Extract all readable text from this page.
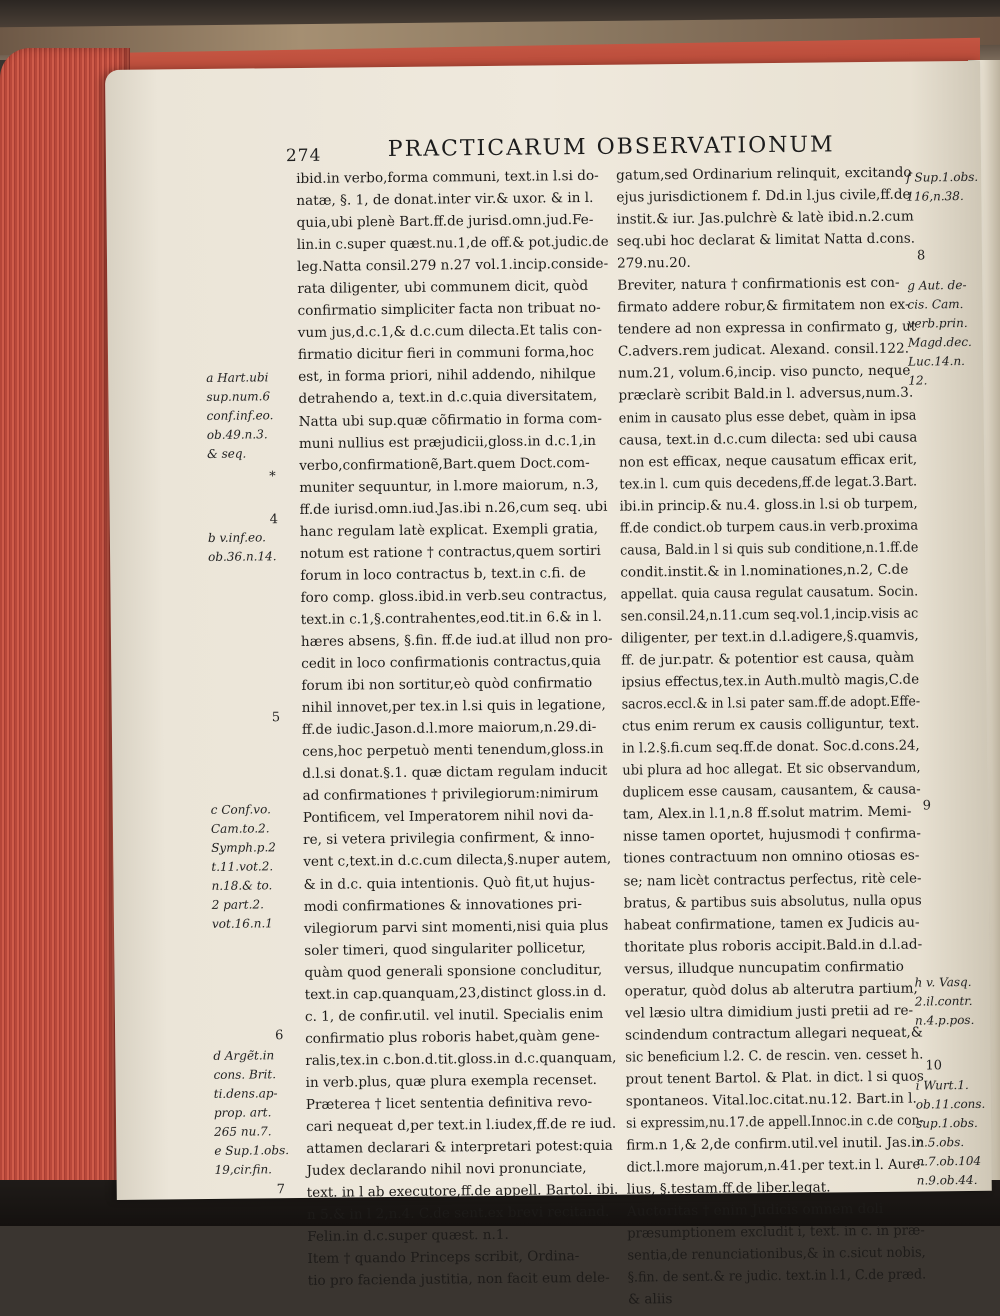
274	PRACTICARUM OBSERVATIONUM
ibid.in verbo,forma communi, text.in l.si do-
natæ, §. 1, de donat.inter vir.& uxor. & in l.
quia,ubi plenè Bart.ff.de jurisd.omn.jud.Fe-
lin.in c.super quæst.nu.1,de off.& pot.judic.de
leg.Natta consil.279 n.27 vol.1.incip.conside-
rata diligenter, ubi communem dicit, quòd
confirmatio simpliciter facta non tribuat no-
vum jus,d.c.1,& d.c.cum dilecta.Et talis con-
firmatio dicitur fieri in communi forma,hoc
est, in forma priori, nihil addendo, nihilque
detrahendo a, text.in d.c.quia diversitatem,
Natta ubi sup.quæ cõfirmatio in forma com-
muni nullius est præjudicii,gloss.in d.c.1,in
verbo,confirmationẽ,Bart.quem Doct.com-
muniter sequuntur, in l.more maiorum, n.3,
ff.de iurisd.omn.iud.Jas.ibi n.26,cum seq. ubi
hanc regulam latè explicat. Exempli gratia,
notum est ratione † contractus,quem sortiri
forum in loco contractus b, text.in c.fi. de
foro comp. gloss.ibid.in verb.seu contractus,
text.in c.1,§.contrahentes,eod.tit.in 6.& in l.
hæres absens, §.fin. ff.de iud.at illud non pro-
cedit in loco confirmationis contractus,quia
forum ibi non sortitur,eò quòd confirmatio
nihil innovet,per tex.in l.si quis in legatione,
ff.de iudic.Jason.d.l.more maiorum,n.29.di-
cens,hoc perpetuò menti tenendum,gloss.in
d.l.si donat.§.1. quæ dictam regulam inducit
ad confirmationes † privilegiorum:nimirum
Pontificem, vel Imperatorem nihil novi da-
re, si vetera privilegia confirment, & inno-
vent c,text.in d.c.cum dilecta,§.nuper autem,
& in d.c. quia intentionis. Quò fit,ut hujus-
modi confirmationes & innovationes pri-
vilegiorum parvi sint momenti,nisi quia plus
soler timeri, quod singulariter pollicetur,
quàm quod generali sponsione concluditur,
text.in cap.quanquam,23,distinct gloss.in d.
c. 1, de confir.util. vel inutil. Specialis enim
confirmatio plus roboris habet,quàm gene-
ralis,tex.in c.bon.d.tit.gloss.in d.c.quanquam,
in verb.plus, quæ plura exempla recenset.
Præterea † licet sententia definitiva revo-
cari nequeat d,per text.in l.iudex,ff.de re iud.
attamen declarari & interpretari potest:quia
Judex declarando nihil novi pronunciate,
text. in l ab executore,ff.de appell. Bartol. ibi.
n 5.& in l 2,n.4. C.de sent.ex brevi recitand.
Felin.in d.c.super quæst. n.1.
Item † quando Princeps scribit, Ordina-
tio pro facienda justitia, non facit eum dele-
gatum,sed Ordinarium relinquit, excitando
ejus jurisdictionem f. Dd.in l.jus civile,ff.de
instit.& iur. Jas.pulchrè & latè ibid.n.2.cum
seq.ubi hoc declarat & limitat Natta d.cons.
279.nu.20.
Breviter, natura † confirmationis est con-
firmato addere robur,& firmitatem non ex-
tendere ad non expressa in confirmato g, ut
C.advers.rem judicat. Alexand. consil.122.
num.21, volum.6,incip. viso puncto, neque
præclarè scribit Bald.in l. adversus,num.3.
enim in causato plus esse debet, quàm in ipsa
causa, text.in d.c.cum dilecta: sed ubi causa
non est efficax, neque causatum efficax erit,
tex.in l. cum quis decedens,ff.de legat.3.Bart.
ibi.in princip.& nu.4. gloss.in l.si ob turpem,
ff.de condict.ob turpem caus.in verb.proxima
causa, Bald.in l si quis sub conditione,n.1.ff.de
condit.instit.& in l.nominationes,n.2, C.de
appellat. quia causa regulat causatum. Socin.
sen.consil.24,n.11.cum seq.vol.1,incip.visis ac
diligenter, per text.in d.l.adigere,§.quamvis,
ff. de jur.patr. & potentior est causa, quàm
ipsius effectus,tex.in Auth.multò magis,C.de
sacros.eccl.& in l.si pater sam.ff.de adopt.Effe-
ctus enim rerum ex causis colliguntur, text.
in l.2.§.fi.cum seq.ff.de donat. Soc.d.cons.24,
ubi plura ad hoc allegat. Et sic observandum,
duplicem esse causam, causantem, & causa-
tam, Alex.in l.1,n.8 ff.solut matrim. Memi-
nisse tamen oportet, hujusmodi † confirma-
tiones contractuum non omnino otiosas es-
se; nam licèt contractus perfectus, ritè cele-
bratus, & partibus suis absolutus, nulla opus
habeat confirmatione, tamen ex Judicis au-
thoritate plus roboris accipit.Bald.in d.l.ad-
versus, illudque nuncupatim confirmatio
operatur, quòd dolus ab alterutra partium,
vel læsio ultra dimidium justi pretii ad re-
scindendum contractum allegari nequeat,&
sic beneficium l.2. C. de rescin. ven. cesset h.
prout tenent Bartol. & Plat. in dict. l si quos
spontaneos. Vital.loc.citat.nu.12. Bart.in l.
si expressim,nu.17.de appell.Innoc.in c.de con-
firm.n 1,& 2,de confirm.util.vel inutil. Jas.in
dict.l.more majorum,n.41.per text.in l. Aure-
lius, §.testam.ff.de liber.legat.
Auctoritas † enim Judicis omnem doli
præsumptionem excludit i, text. in c. in præ-
sentia,de renunciationibus,& in c.sicut nobis,
§.fin. de sent.& re judic. text.in l.1, C.de præd.
& aliis
a Hart.ubi
sup.num.6
conf.inf.eo.
ob.49.n.3.
& seq.
*
4
b v.inf.eo.
ob.36.n.14.
5
c Conf.vo.
Cam.to.2.
Symph.p.2
t.11.vot.2.
n.18.& to.
2 part.2.
vot.16.n.1
6
d Argẽt.in
cons. Brit.
ti.dens.ap-
prop. art.
265 nu.7.
e Sup.1.obs.
19,cir.fin.
7
f Sup.1.obs.
116,n.38.
8
g Aut. de-
cis. Cam.
verb.prin.
Magd.dec.
Luc.14.n.
12.
9
h v. Vasq.
2.il.contr.
n.4.p.pos.
10
i Wurt.1.
ob.11.cons.
sup.1.obs.
n.5.obs.
n.7.ob.104
n.9.ob.44.
